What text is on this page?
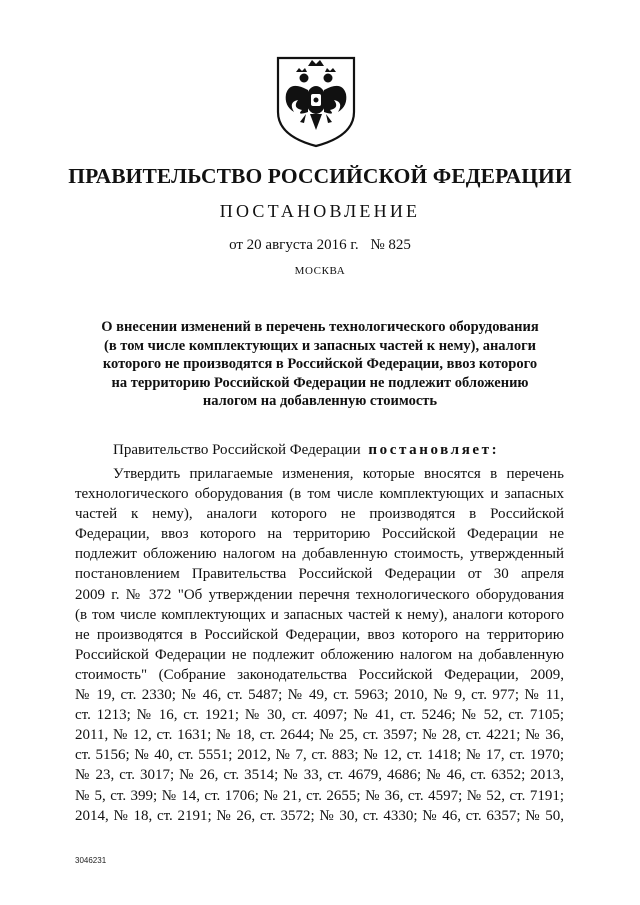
ПРАВИТЕЛЬСТВО РОССИЙСКОЙ ФЕДЕРАЦИИ
ПОСТАНОВЛЕНИЕ
от 20 августа 2016 г. № 825
МОСКВА
О внесении изменений в перечень технологического оборудования
(в том числе комплектующих и запасных частей к нему), аналоги
которого не производятся в Российской Федерации, ввоз которого
на территорию Российской Федерации не подлежит обложению
налогом на добавленную стоимость
Правительство Российской Федерации постановляет:
Утвердить прилагаемые изменения, которые вносятся в перечень
технологического оборудования (в том числе комплектующих и запасных
частей к нему), аналоги которого не производятся в Российской
Федерации, ввоз которого на территорию Российской Федерации не
подлежит обложению налогом на добавленную стоимость, утвержденный
постановлением Правительства Российской Федерации от 30 апреля
2009 г. № 372 "Об утверждении перечня технологического оборудования
(в том числе комплектующих и запасных частей к нему), аналоги которого
не производятся в Российской Федерации, ввоз которого на территорию
Российской Федерации не подлежит обложению налогом на добавленную
стоимость" (Собрание законодательства Российской Федерации, 2009,
№ 19, ст. 2330; № 46, ст. 5487; № 49, ст. 5963; 2010, № 9, ст. 977; № 11,
ст. 1213; № 16, ст. 1921; № 30, ст. 4097; № 41, ст. 5246; № 52, ст. 7105;
2011, № 12, ст. 1631; № 18, ст. 2644; № 25, ст. 3597; № 28, ст. 4221; № 36,
ст. 5156; № 40, ст. 5551; 2012, № 7, ст. 883; № 12, ст. 1418; № 17, ст. 1970;
№ 23, ст. 3017; № 26, ст. 3514; № 33, ст. 4679, 4686; № 46, ст. 6352; 2013,
№ 5, ст. 399; № 14, ст. 1706; № 21, ст. 2655; № 36, ст. 4597; № 52, ст. 7191;
2014, № 18, ст. 2191; № 26, ст. 3572; № 30, ст. 4330; № 46, ст. 6357; № 50,
3046231
